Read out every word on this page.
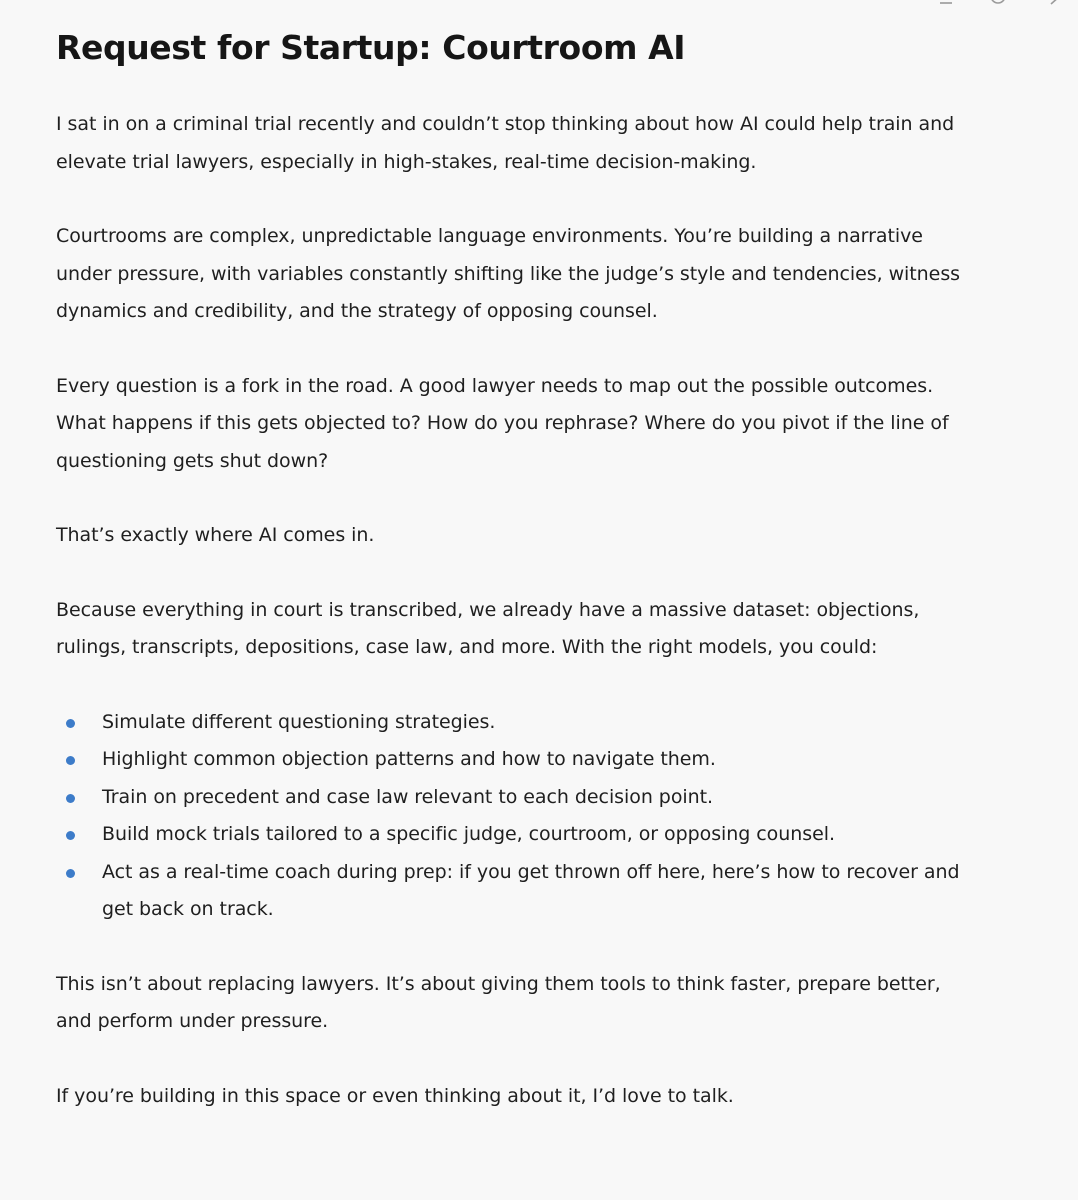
Request for Startup: Courtroom AI

I sat in on a criminal trial recently and couldn’t stop thinking about how AI could help train and elevate trial lawyers, especially in high-stakes, real-time decision-making.

Courtrooms are complex, unpredictable language environments. You’re building a narrative under pressure, with variables constantly shifting like the judge’s style and tendencies, witness dynamics and credibility, and the strategy of opposing counsel.

Every question is a fork in the road. A good lawyer needs to map out the possible outcomes. What happens if this gets objected to? How do you rephrase? Where do you pivot if the line of questioning gets shut down?

That’s exactly where AI comes in.

Because everything in court is transcribed, we already have a massive dataset: objections, rulings, transcripts, depositions, case law, and more. With the right models, you could:

Simulate different questioning strategies.
Highlight common objection patterns and how to navigate them.
Train on precedent and case law relevant to each decision point.
Build mock trials tailored to a specific judge, courtroom, or opposing counsel.
Act as a real-time coach during prep: if you get thrown off here, here’s how to recover and get back on track.

This isn’t about replacing lawyers. It’s about giving them tools to think faster, prepare better, and perform under pressure.

If you’re building in this space or even thinking about it, I’d love to talk.
